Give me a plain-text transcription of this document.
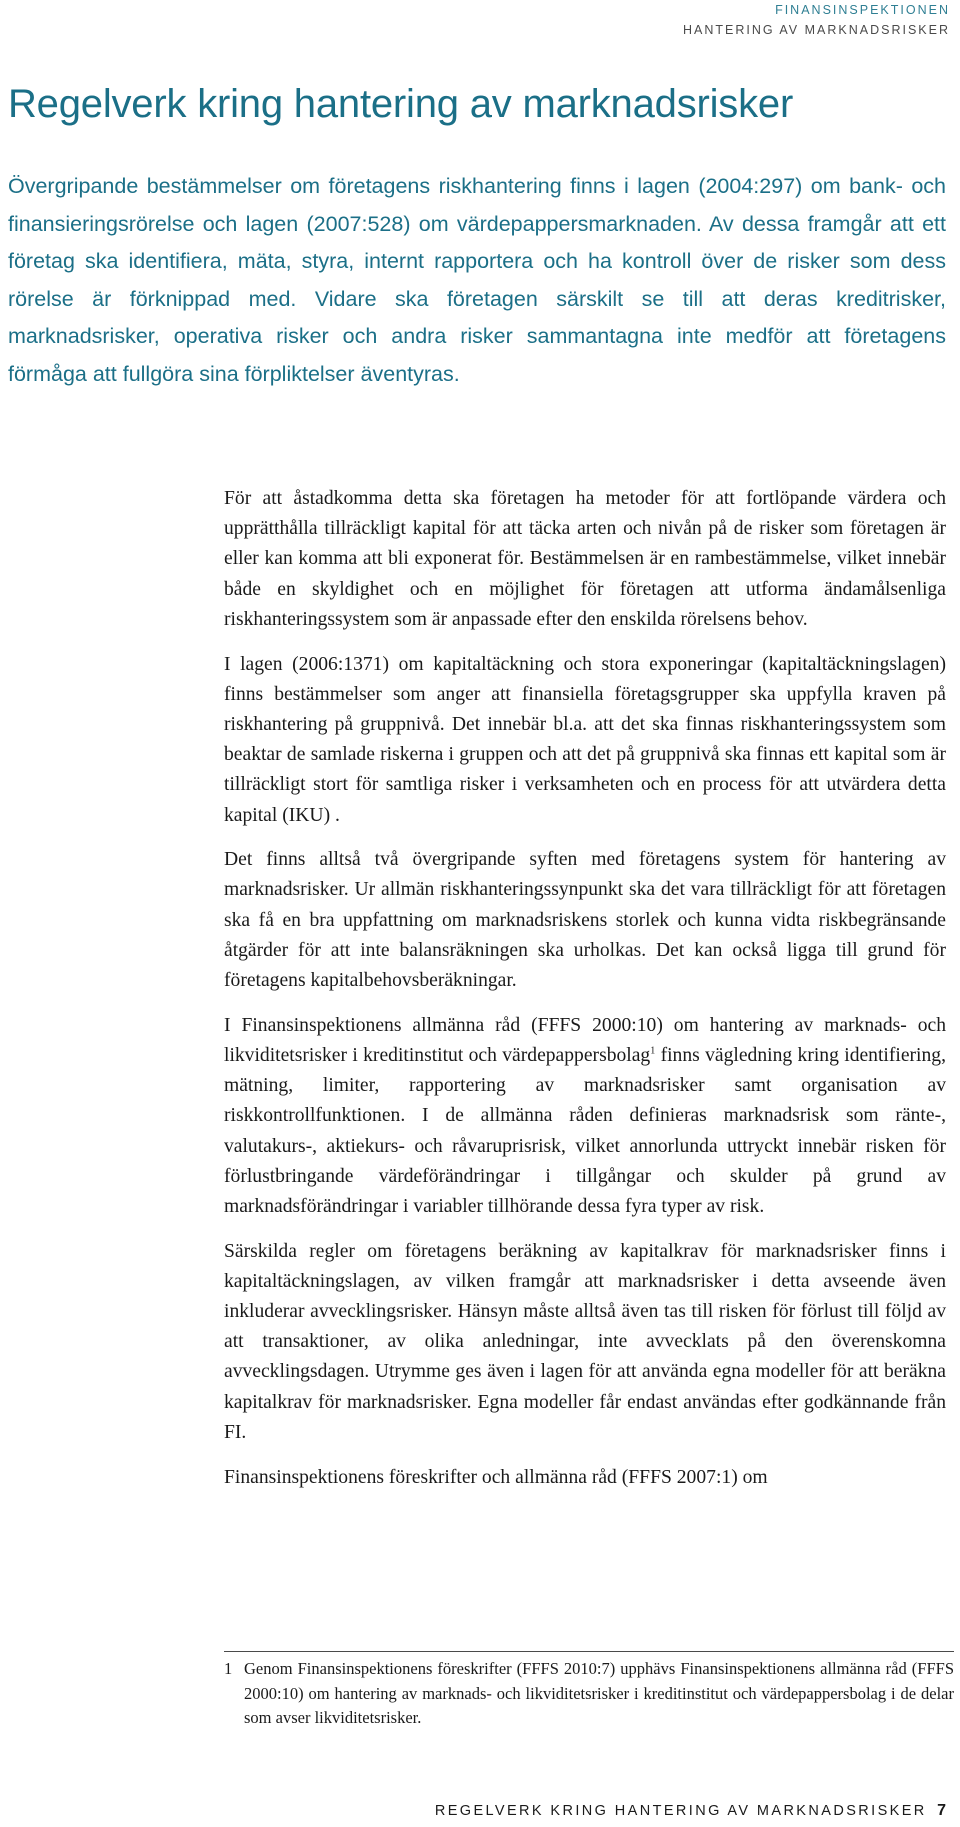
FINANSINSPEKTIONEN
HANTERING AV MARKNADSRISKER
Regelverk kring hantering av marknadsrisker

Övergripande bestämmelser om företagens riskhantering finns i lagen (2004:297) om bank- och finansieringsrörelse och lagen (2007:528) om värdepappersmarknaden. Av dessa framgår att ett företag ska identifiera, mäta, styra, internt rapportera och ha kontroll över de risker som dess rörelse är förknippad med. Vidare ska företagen särskilt se till att deras kreditrisker, marknadsrisker, operativa risker och andra risker sammantagna inte medför att företagens förmåga att fullgöra sina förpliktelser äventyras.

För att åstadkomma detta ska företagen ha metoder för att fortlöpande värdera och upprätthålla tillräckligt kapital för att täcka arten och nivån på de risker som företagen är eller kan komma att bli exponerat för. Bestämmelsen är en rambestämmelse, vilket innebär både en skyldighet och en möjlighet för företagen att utforma ändamålsenliga riskhanteringssystem som är anpassade efter den enskilda rörelsens behov.

I lagen (2006:1371) om kapitaltäckning och stora exponeringar (kapitaltäckningslagen) finns bestämmelser som anger att finansiella företagsgrupper ska uppfylla kraven på riskhantering på gruppnivå. Det innebär bl.a. att det ska finnas riskhanteringssystem som beaktar de samlade riskerna i gruppen och att det på gruppnivå ska finnas ett kapital som är tillräckligt stort för samtliga risker i verksamheten och en process för att utvärdera detta kapital (IKU) .

Det finns alltså två övergripande syften med företagens system för hantering av marknadsrisker. Ur allmän riskhanteringssynpunkt ska det vara tillräckligt för att företagen ska få en bra uppfattning om marknadsriskens storlek och kunna vidta riskbegränsande åtgärder för att inte balansräkningen ska urholkas. Det kan också ligga till grund för företagens kapitalbehovsberäkningar.

I Finansinspektionens allmänna råd (FFFS 2000:10) om hantering av marknads- och likviditetsrisker i kreditinstitut och värdepappersbolag$^1$ finns vägledning kring identifiering, mätning, limiter, rapportering av marknadsrisker samt organisation av riskkontrollfunktionen. I de allmänna råden definieras marknadsrisk som ränte-, valutakurs-, aktiekurs- och råvaruprisrisk, vilket annorlunda uttryckt innebär risken för förlustbringande värdeförändringar i tillgångar och skulder på grund av marknadsförändringar i variabler tillhörande dessa fyra typer av risk.

Särskilda regler om företagens beräkning av kapitalkrav för marknadsrisker finns i kapitaltäckningslagen, av vilken framgår att marknadsrisker i detta avseende även inkluderar avvecklingsrisker. Hänsyn måste alltså även tas till risken för förlust till följd av att transaktioner, av olika anledningar, inte avvecklats på den överenskomna avvecklingsdagen. Utrymme ges även i lagen för att använda egna modeller för att beräkna kapitalkrav för marknadsrisker. Egna modeller får endast användas efter godkännande från FI.

Finansinspektionens föreskrifter och allmänna råd (FFFS 2007:1) om

1 Genom Finansinspektionens föreskrifter (FFFS 2010:7) upphävs Finansinspektionens allmänna råd (FFFS 2000:10) om hantering av marknads- och likviditetsrisker i kreditinstitut och värdepappersbolag i de delar som avser likviditetsrisker.
REGELVERK KRING HANTERING AV MARKNADSRISKER 7
